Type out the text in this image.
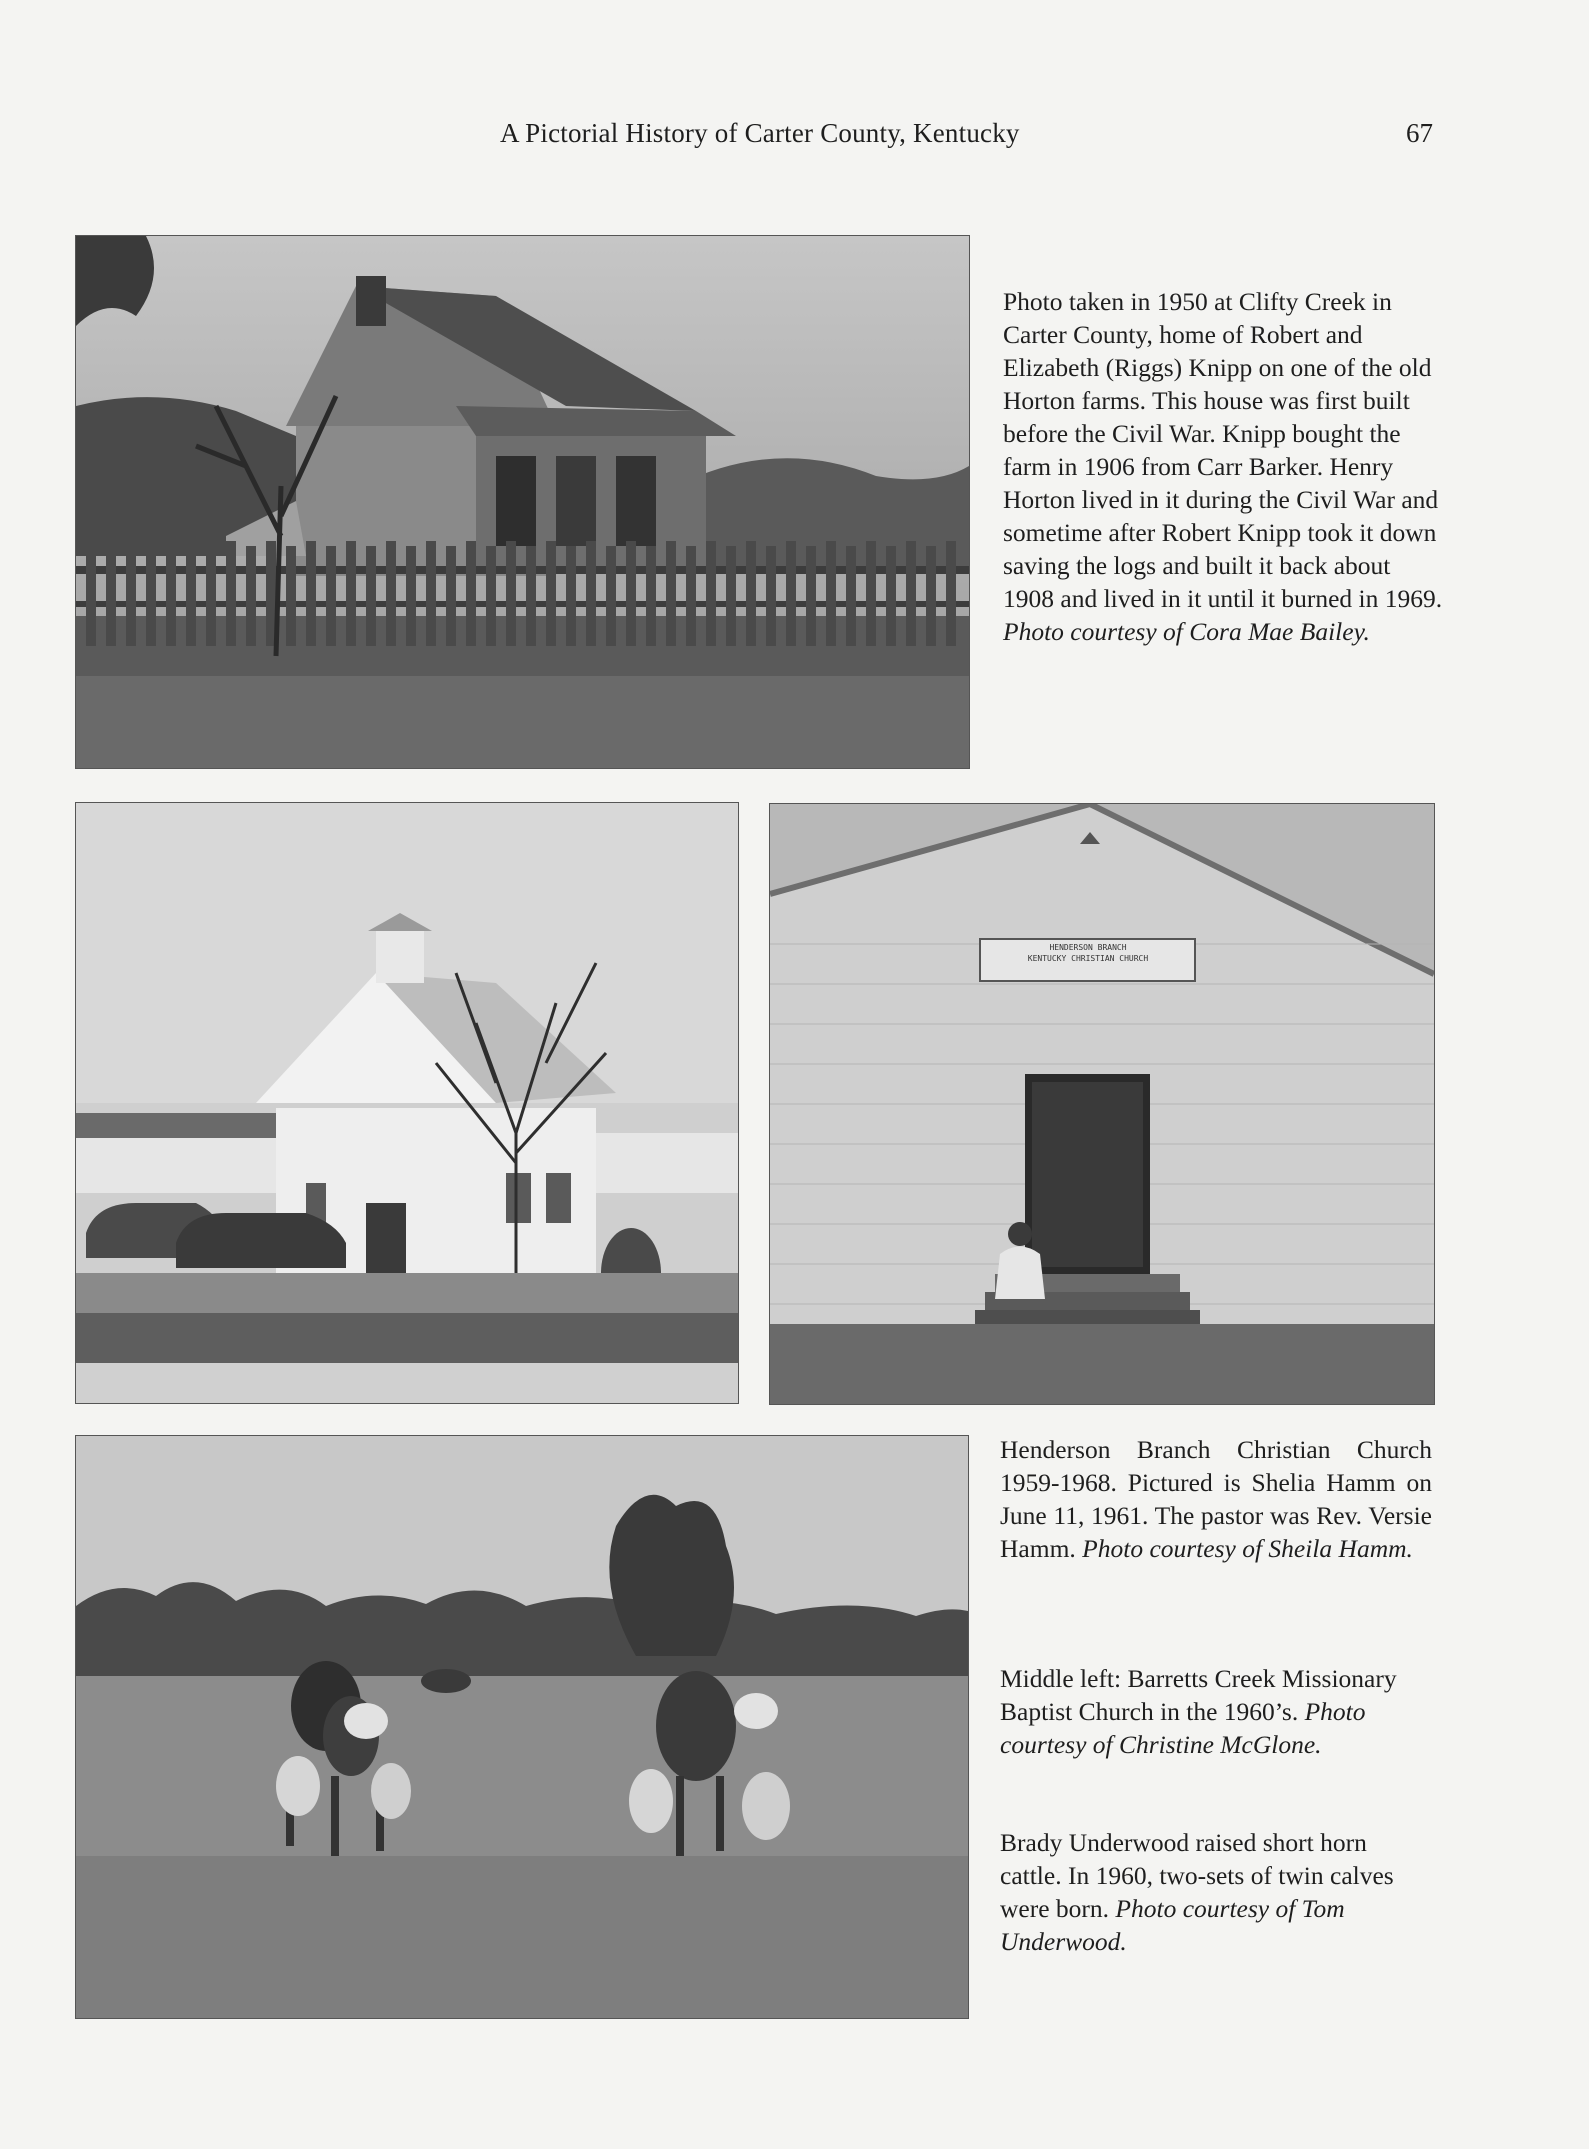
A Pictorial History of Carter County, Kentucky	67
Photo taken in 1950 at Clifty Creek in Carter County, home of Robert and Elizabeth (Riggs) Knipp on one of the old Horton farms. This house was first built before the Civil War. Knipp bought the farm in 1906 from Carr Barker. Henry Horton lived in it during the Civil War and sometime after Robert Knipp took it down saving the logs and built it back about 1908 and lived in it until it burned in 1969. Photo courtesy of Cora Mae Bailey.
HENDERSON BRANCH
KENTUCKY CHRISTIAN CHURCH
Henderson Branch Christian Church 1959-1968. Pictured is Shelia Hamm on June 11, 1961. The pastor was Rev. Versie Hamm. Photo courtesy of Sheila Hamm.
Middle left: Barretts Creek Missionary Baptist Church in the 1960’s. Photo courtesy of Christine McGlone.
Brady Underwood raised short horn cattle. In 1960, two-sets of twin calves were born. Photo courtesy of Tom Underwood.
